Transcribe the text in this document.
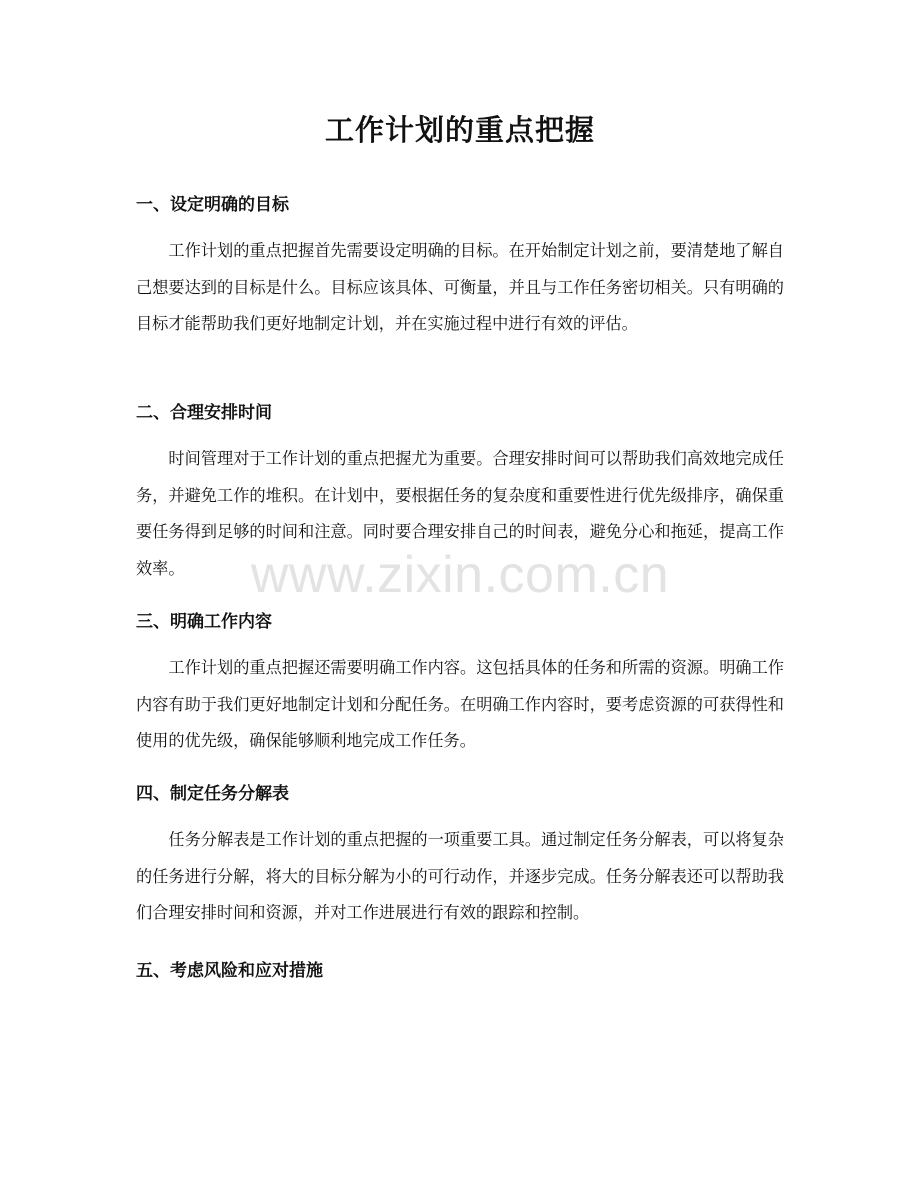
工作计划的重点把握
一、设定明确的目标

工作计划的重点把握首先需要设定明确的目标。在开始制定计划之前，要清楚地了解自己想要达到的目标是什么。目标应该具体、可衡量，并且与工作任务密切相关。只有明确的目标才能帮助我们更好地制定计划，并在实施过程中进行有效的评估。

二、合理安排时间

时间管理对于工作计划的重点把握尤为重要。合理安排时间可以帮助我们高效地完成任务，并避免工作的堆积。在计划中，要根据任务的复杂度和重要性进行优先级排序，确保重要任务得到足够的时间和注意。同时要合理安排自己的时间表，避免分心和拖延，提高工作效率。

三、明确工作内容

工作计划的重点把握还需要明确工作内容。这包括具体的任务和所需的资源。明确工作内容有助于我们更好地制定计划和分配任务。在明确工作内容时，要考虑资源的可获得性和使用的优先级，确保能够顺利地完成工作任务。

四、制定任务分解表

任务分解表是工作计划的重点把握的一项重要工具。通过制定任务分解表，可以将复杂的任务进行分解，将大的目标分解为小的可行动作，并逐步完成。任务分解表还可以帮助我们合理安排时间和资源，并对工作进展进行有效的跟踪和控制。

五、考虑风险和应对措施
www.zixin.com.cn
